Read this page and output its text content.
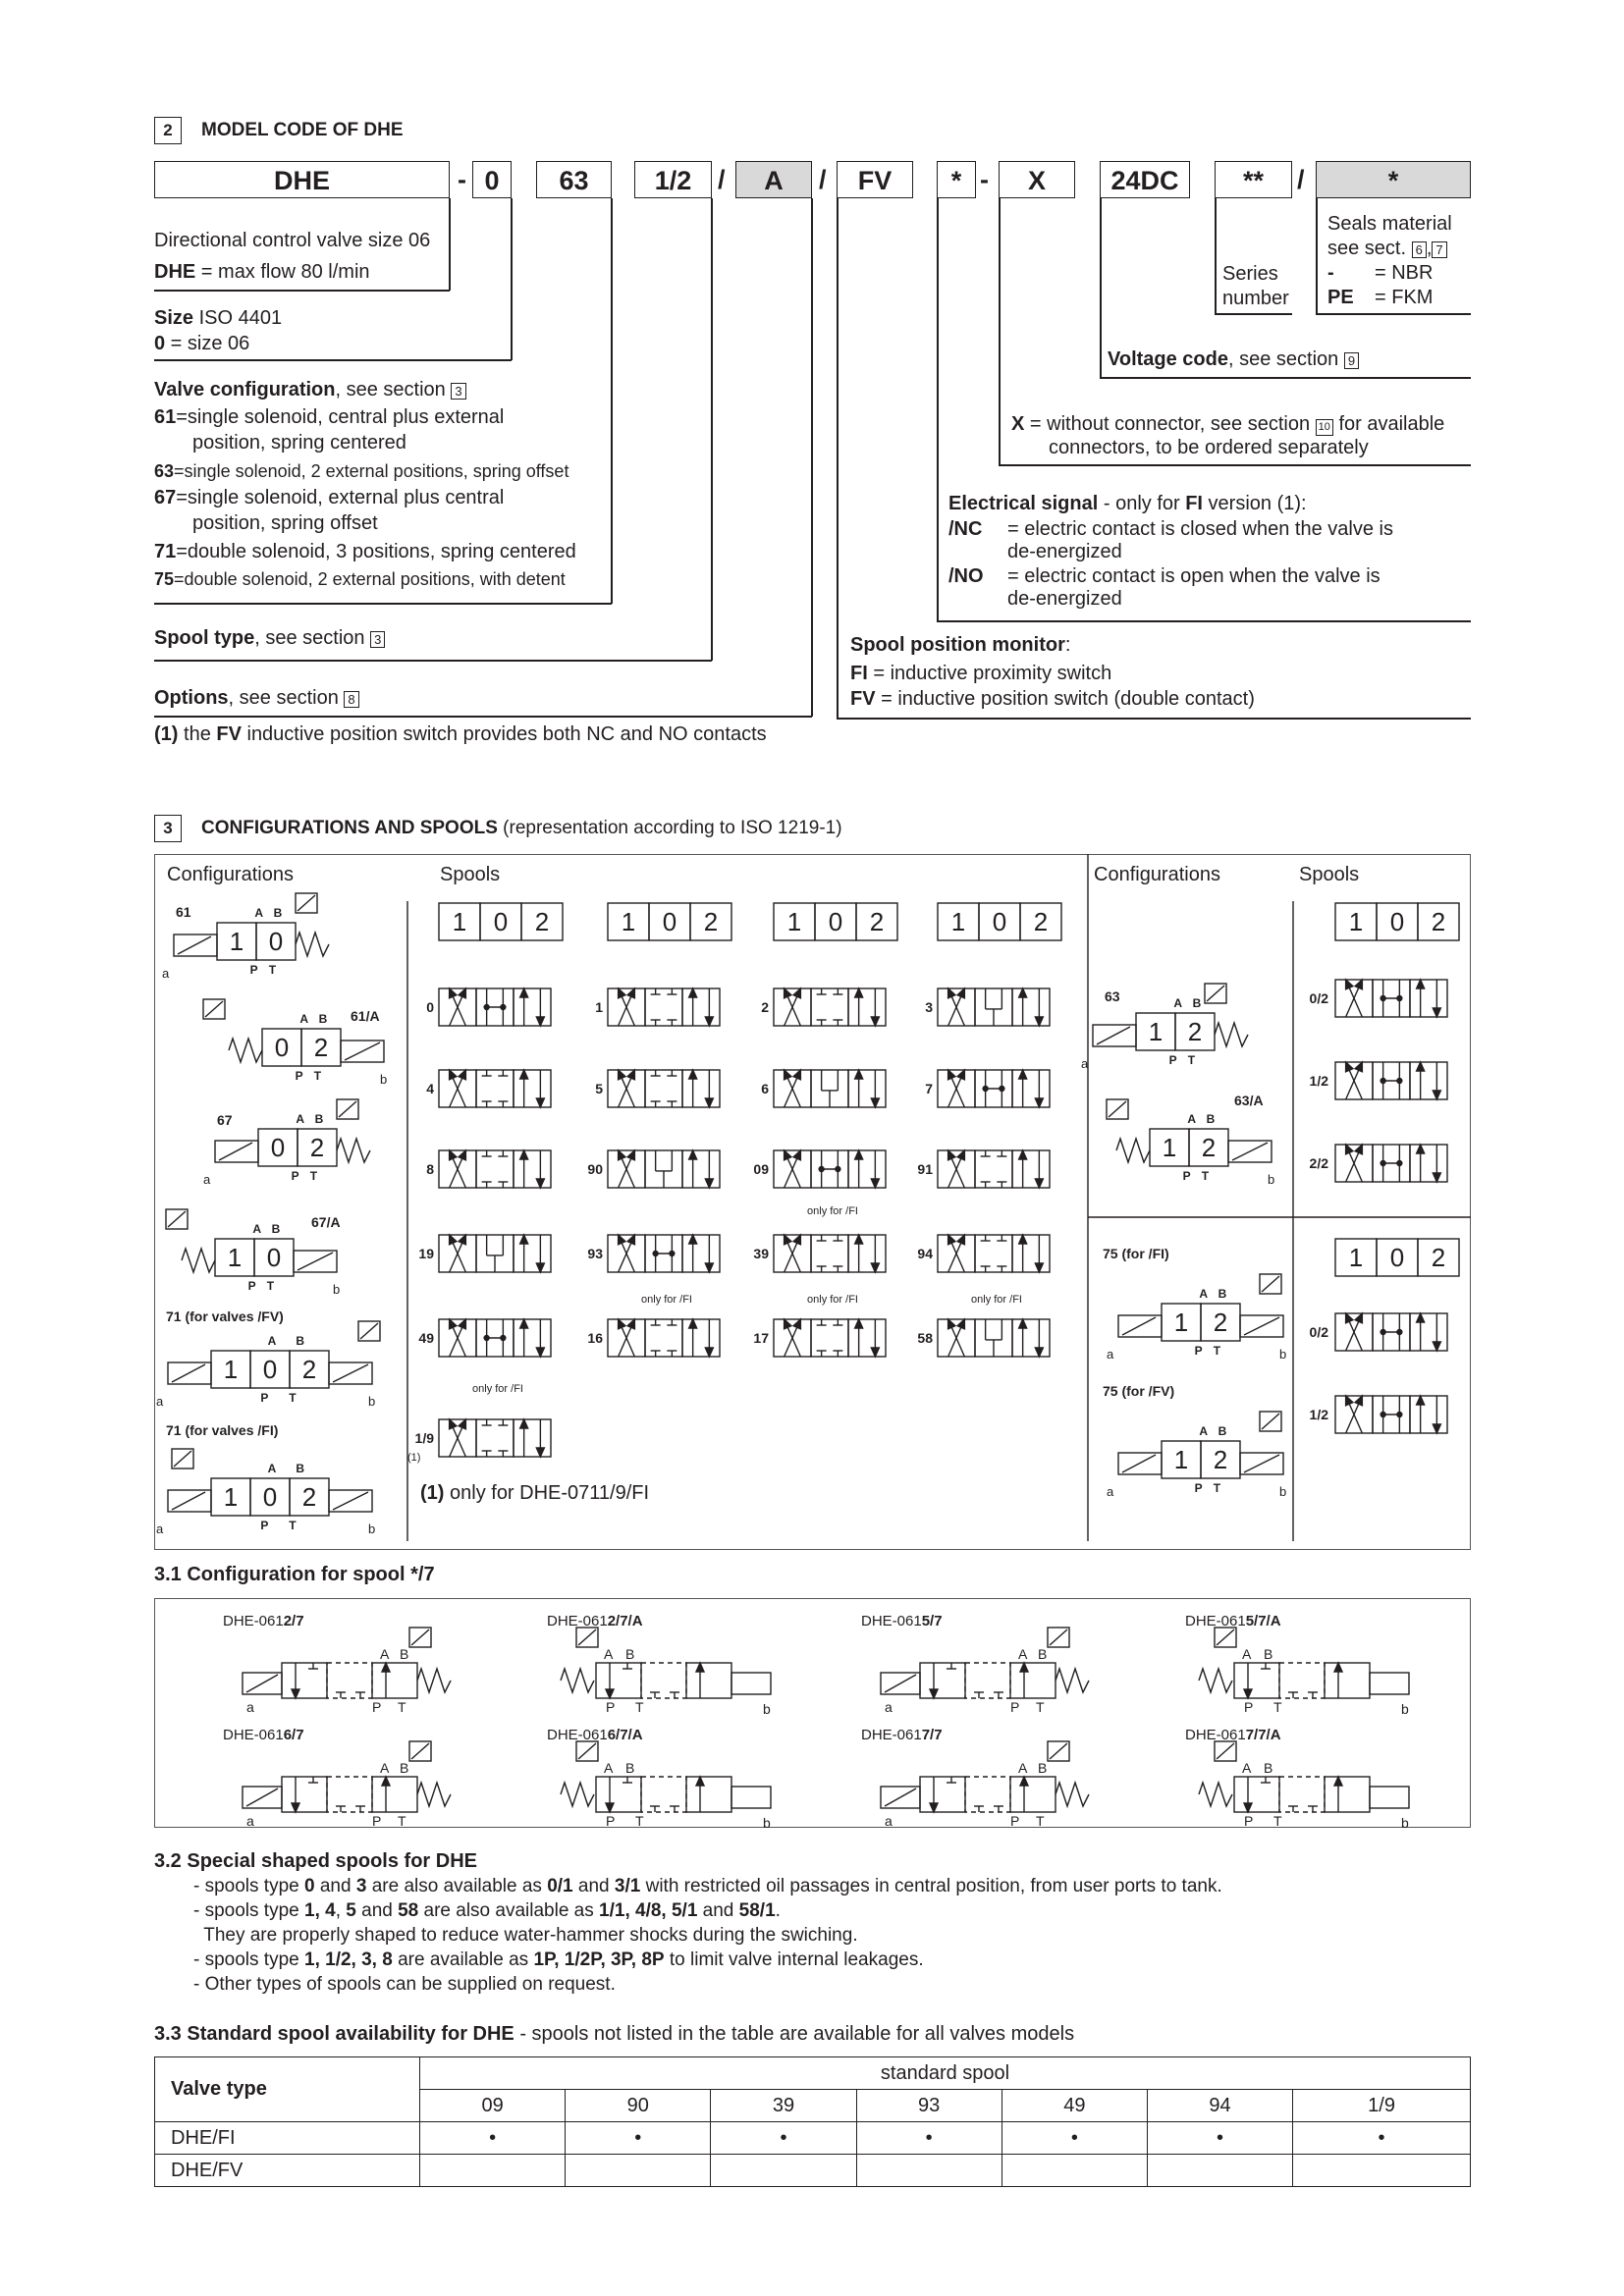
2	MODEL CODE OF DHE
DHE	- 0	63	1/2 /	A	/	FV	* -	X	24DC	**	/	*
Directional control valve size 06
DHE = max flow 80 l/min
Size ISO 4401
0 = size 06
Valve configuration, see section 3
61=single solenoid, central plus external
position, spring centered
63=single solenoid, 2 external positions, spring offset
67=single solenoid, external plus central
position, spring offset
71=double solenoid, 3 positions, spring centered
75=double solenoid, 2 external positions, with detent
Spool type, see section 3
Options, see section 8
(1) the FV inductive position switch provides both NC and NO contacts
Seals material
see sect. 6 , 7
- = NBR
PE = FKM
Series
number
Voltage code, see section 9
X = without connector, see section 10 for available
connectors, to be ordered separately
Electrical signal - only for FI version (1):
/NC = electric contact is closed when the valve is
de-energized
/NO = electric contact is open when the valve is
de-energized
Spool position monitor:
FI = inductive proximity switch
FV = inductive position switch (double contact)
3	CONFIGURATIONS AND SPOOLS (representation according to ISO 1219-1)
Configurations	Spools	Configurations	Spools
61
1 0
a	P T
A B
61/A
0 2
b
P T
A B
67
0 2
a	P T
A B
67/A
1 0
b
P T
A B
71 (for valves /FV)
1 0 2
a	b
P T
A B
71 (for valves /FI)
1 0 2
a	b
P T
A B
1 0 2	1 0 2	1 0 2	1 0 2
0	1	2	3
4	5	6	7
8	90	09	91
19	93	39	94
49	16	17	58
1/9
only for /FI
only for /FI	only for /FI	only for /FI
only for /FI
(1)
63
1 2
a	P T
A B
63/A
1 2
b
P T
A B
75 (for /FI)
1 2
a	b
P T
A B
75 (for /FV)
1 2
a	b
P T
A B
1 0 2
0/2
1/2
2/2
1 0 2
0/2
1/2
(1) only for DHE-0711/9/FI
3.1 Configuration for spool */7
DHE-0612/7
a	P T
A B
DHE-0612/7/A
P T	b
A B
DHE-0615/7
a	P T
A B
DHE-0615/7/A
P T	b
A B
DHE-0616/7
a	P T
A B
DHE-0616/7/A
P T	b
A B
DHE-0617/7
a	P T
A B
DHE-0617/7/A
P T	b
A B
3.2 Special shaped spools for DHE
- spools type 0 and 3 are also available as 0/1 and 3/1 with restricted oil passages in central position, from user ports to tank.
- spools type 1, 4, 5 and 58 are also available as 1/1, 4/8, 5/1 and 58/1.
They are properly shaped to reduce water-hammer shocks during the swiching.
- spools type 1, 1/2, 3, 8 are available as 1P, 1/2P, 3P, 8P to limit valve internal leakages.
- Other types of spools can be supplied on request.
3.3 Standard spool availability for DHE - spools not listed in the table are available for all valves models
Valve type	standard spool						
	09	90	39	93	49	94	1/9
DHE/FI	•	•	•	•	•	•	•
DHE/FV							
